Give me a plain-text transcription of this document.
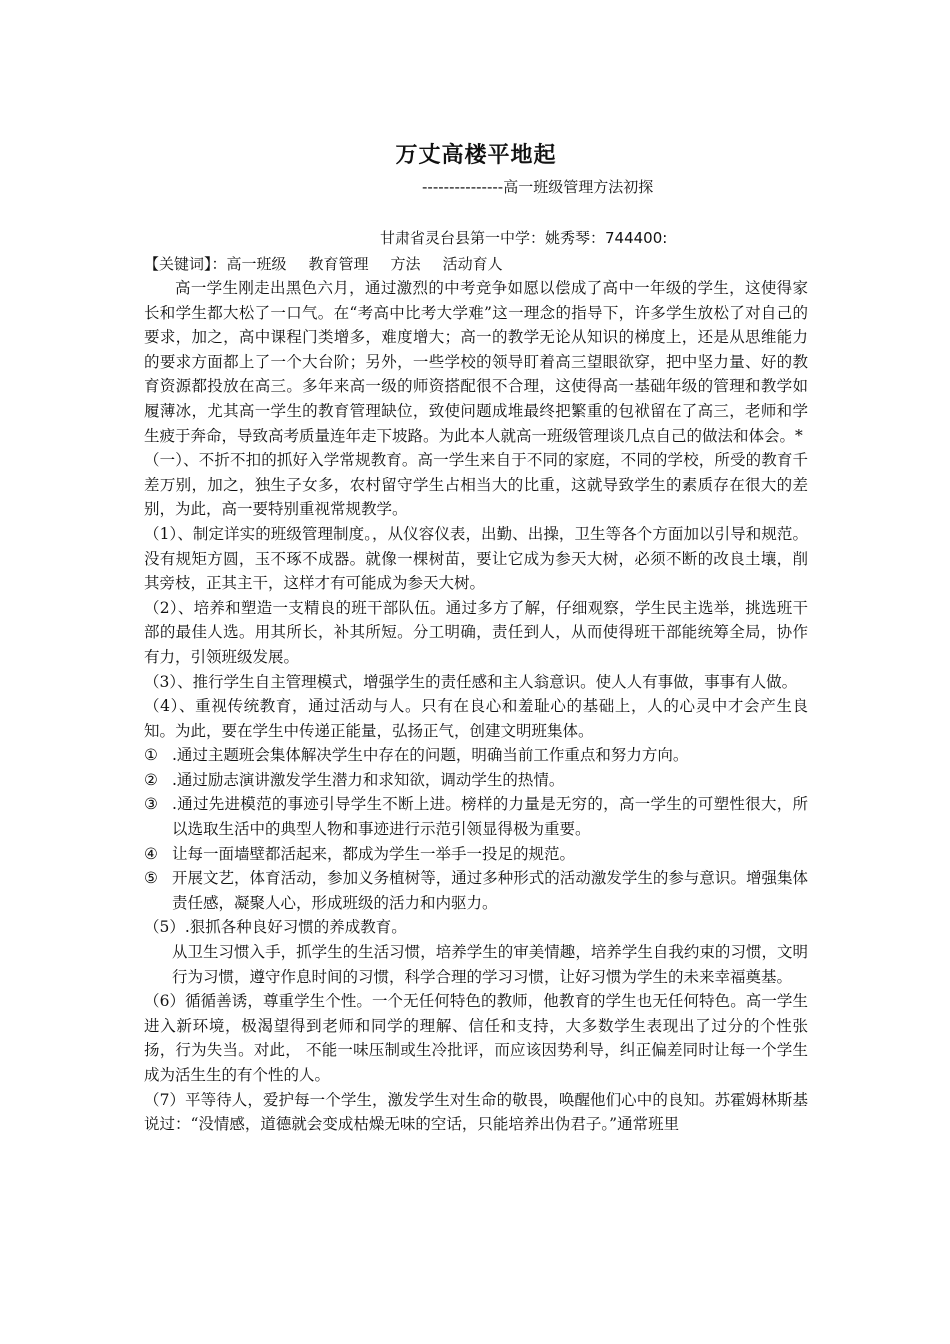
万丈高楼平地起
---------------高一班级管理方法初探
甘肃省灵台县第一中学：姚秀琴：744400:
【关键词】：高一班级 教育管理 方法 活动育人

高一学生刚走出黑色六月，通过激烈的中考竞争如愿以偿成了高中一年级的学生，这使得家长和学生都大松了一口气。在“考高中比考大学难”这一理念的指导下，许多学生放松了对自己的要求，加之，高中课程门类增多，难度增大；高一的教学无论从知识的梯度上，还是从思维能力的要求方面都上了一个大台阶；另外，一些学校的领导盯着高三望眼欲穿，把中坚力量、好的教育资源都投放在高三。多年来高一级的师资搭配很不合理，这使得高一基础年级的管理和教学如履薄冰，尤其高一学生的教育管理缺位，致使问题成堆最终把繁重的包袱留在了高三，老师和学生疲于奔命，导致高考质量连年走下坡路。为此本人就高一班级管理谈几点自己的做法和体会。*

（一）、不折不扣的抓好入学常规教育。高一学生来自于不同的家庭，不同的学校，所受的教育千差万别，加之，独生子女多，农村留守学生占相当大的比重，这就导致学生的素质存在很大的差别，为此，高一要特别重视常规教学。

（1）、制定详实的班级管理制度。，从仪容仪表，出勤、出操，卫生等各个方面加以引导和规范。没有规矩方圆，玉不琢不成器。就像一棵树苗，要让它成为参天大树，必须不断的改良土壤，削其旁枝，正其主干，这样才有可能成为参天大树。

（2）、培养和塑造一支精良的班干部队伍。通过多方了解，仔细观察，学生民主选举，挑选班干部的最佳人选。用其所长，补其所短。分工明确，责任到人，从而使得班干部能统筹全局，协作有力，引领班级发展。

（3）、推行学生自主管理模式，增强学生的责任感和主人翁意识。使人人有事做，事事有人做。

（4）、重视传统教育，通过活动与人。只有在良心和羞耻心的基础上，人的心灵中才会产生良知。为此，要在学生中传递正能量，弘扬正气，创建文明班集体。

① .通过主题班会集体解决学生中存在的问题，明确当前工作重点和努力方向。
② .通过励志演讲激发学生潜力和求知欲，调动学生的热情。
③ .通过先进模范的事迹引导学生不断上进。榜样的力量是无穷的，高一学生的可塑性很大，所以选取生活中的典型人物和事迹进行示范引领显得极为重要。
④ 让每一面墙壁都活起来，都成为学生一举手一投足的规范。
⑤ 开展文艺，体育活动，参加义务植树等，通过多种形式的活动激发学生的参与意识。增强集体责任感，凝聚人心，形成班级的活力和内驱力。

（5）.狠抓各种良好习惯的养成教育。

从卫生习惯入手，抓学生的生活习惯，培养学生的审美情趣，培养学生自我约束的习惯，文明行为习惯，遵守作息时间的习惯，科学合理的学习习惯，让好习惯为学生的未来幸福奠基。

（6）循循善诱，尊重学生个性。一个无任何特色的教师，他教育的学生也无任何特色。高一学生进入新环境，极渴望得到老师和同学的理解、信任和支持，大多数学生表现出了过分的个性张扬，行为失当。对此， 不能一味压制或生冷批评，而应该因势利导，纠正偏差同时让每一个学生成为活生生的有个性的人。

（7）平等待人，爱护每一个学生，激发学生对生命的敬畏，唤醒他们心中的良知。苏霍姆林斯基说过：“没情感，道德就会变成枯燥无味的空话，只能培养出伪君子。”通常班里
